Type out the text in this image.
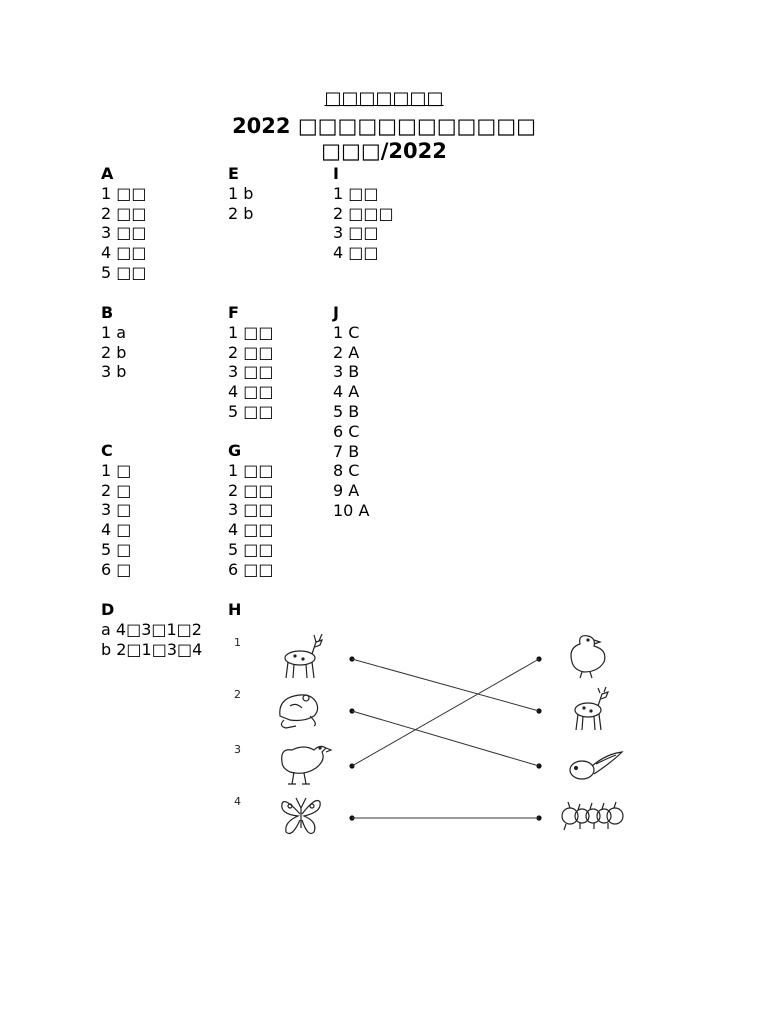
□□□□□□□
2022 □□□□□□□□□□□□
□□□/2022
A
1 □□
2 □□
3 □□
4 □□
5 □□
B
1 a
2 b
3 b
C
1 □
2 □
3 □
4 □
5 □
6 □
D
a 4□3□1□2
b 2□1□3□4
E
1 b
2 b
F
1 □□
2 □□
3 □□
4 □□
5 □□
G
1 □□
2 □□
3 □□
4 □□
5 □□
6 □□
H
I
1 □□
2 □□□
3 □□
4 □□
J
1 C
2 A
3 B
4 A
5 B
6 C
7 B
8 C
9 A
10 A
1
2
3
4
